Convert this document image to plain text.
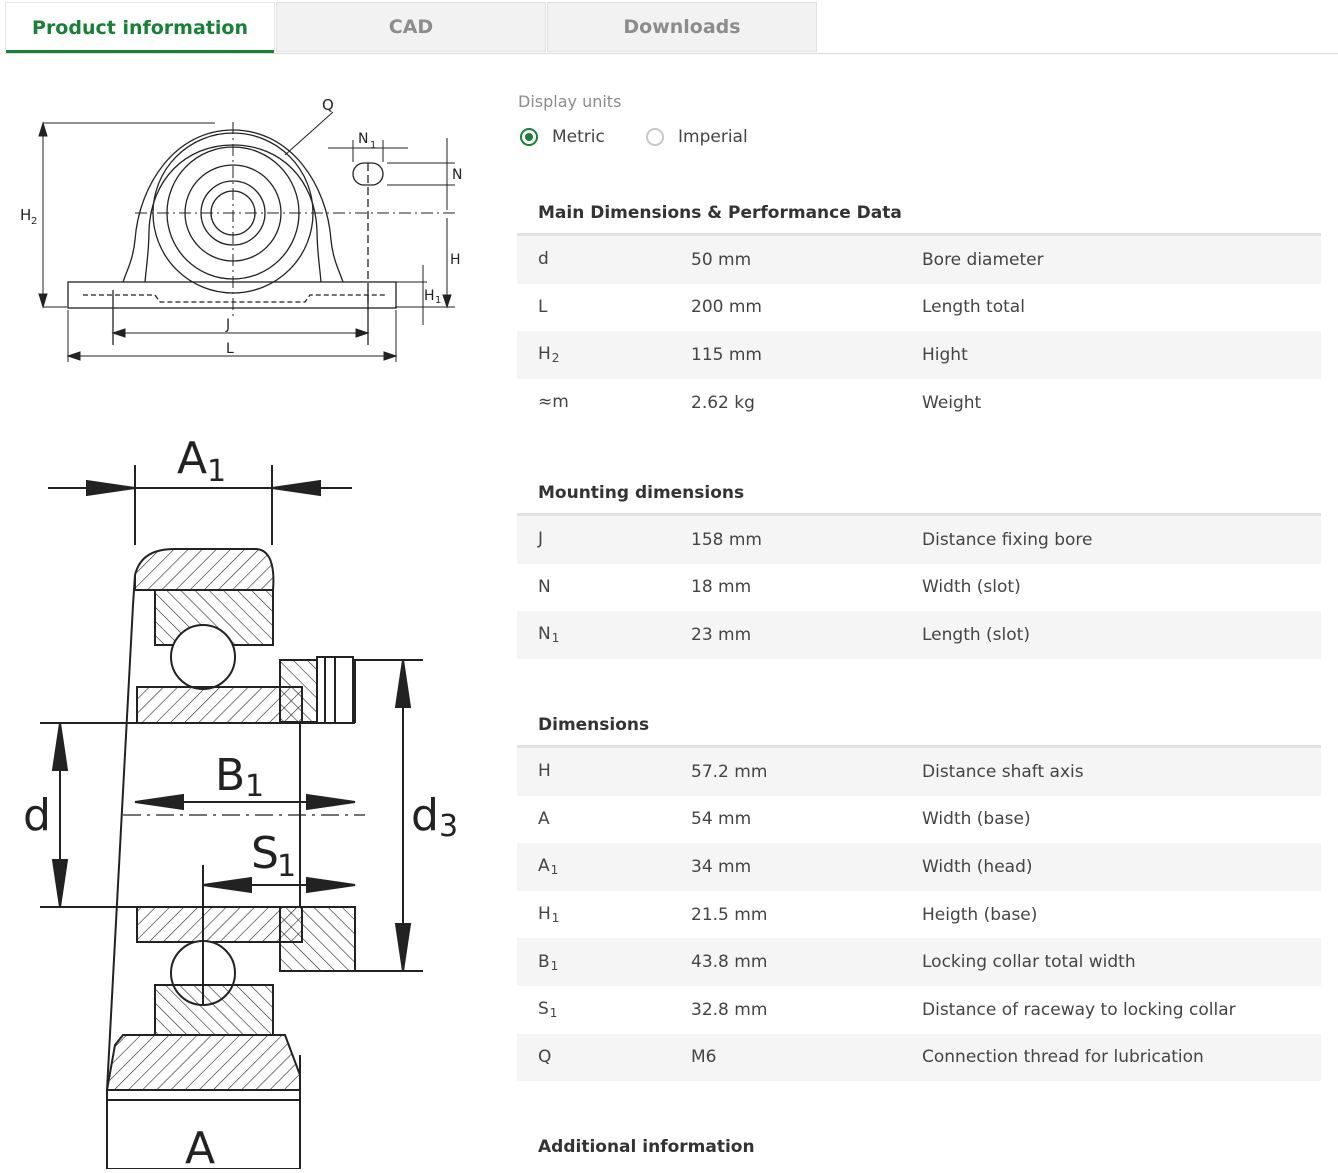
Product information	CAD	Downloads
Q
N 1
N
H 2
H
H 1
J
L
A 1
B 1
S
1
d	d 3
A
Display units
Metric	Imperial
Main Dimensions & Performance Data
d	50 mm	Bore diameter
L	200 mm	Length total
$H_2$	115 mm	Hight
≈m	2.62 kg	Weight
Mounting dimensions
J	158 mm	Distance fixing bore
N	18 mm	Width (slot)
$N_1$	23 mm	Length (slot)
Dimensions
H	57.2 mm	Distance shaft axis
A	54 mm	Width (base)
$A_1$	34 mm	Width (head)
$H_1$	21.5 mm	Heigth (base)
$B_1$	43.8 mm	Locking collar total width
$S_1$	32.8 mm	Distance of raceway to locking collar
Q	M6	Connection thread for lubrication
Additional information
